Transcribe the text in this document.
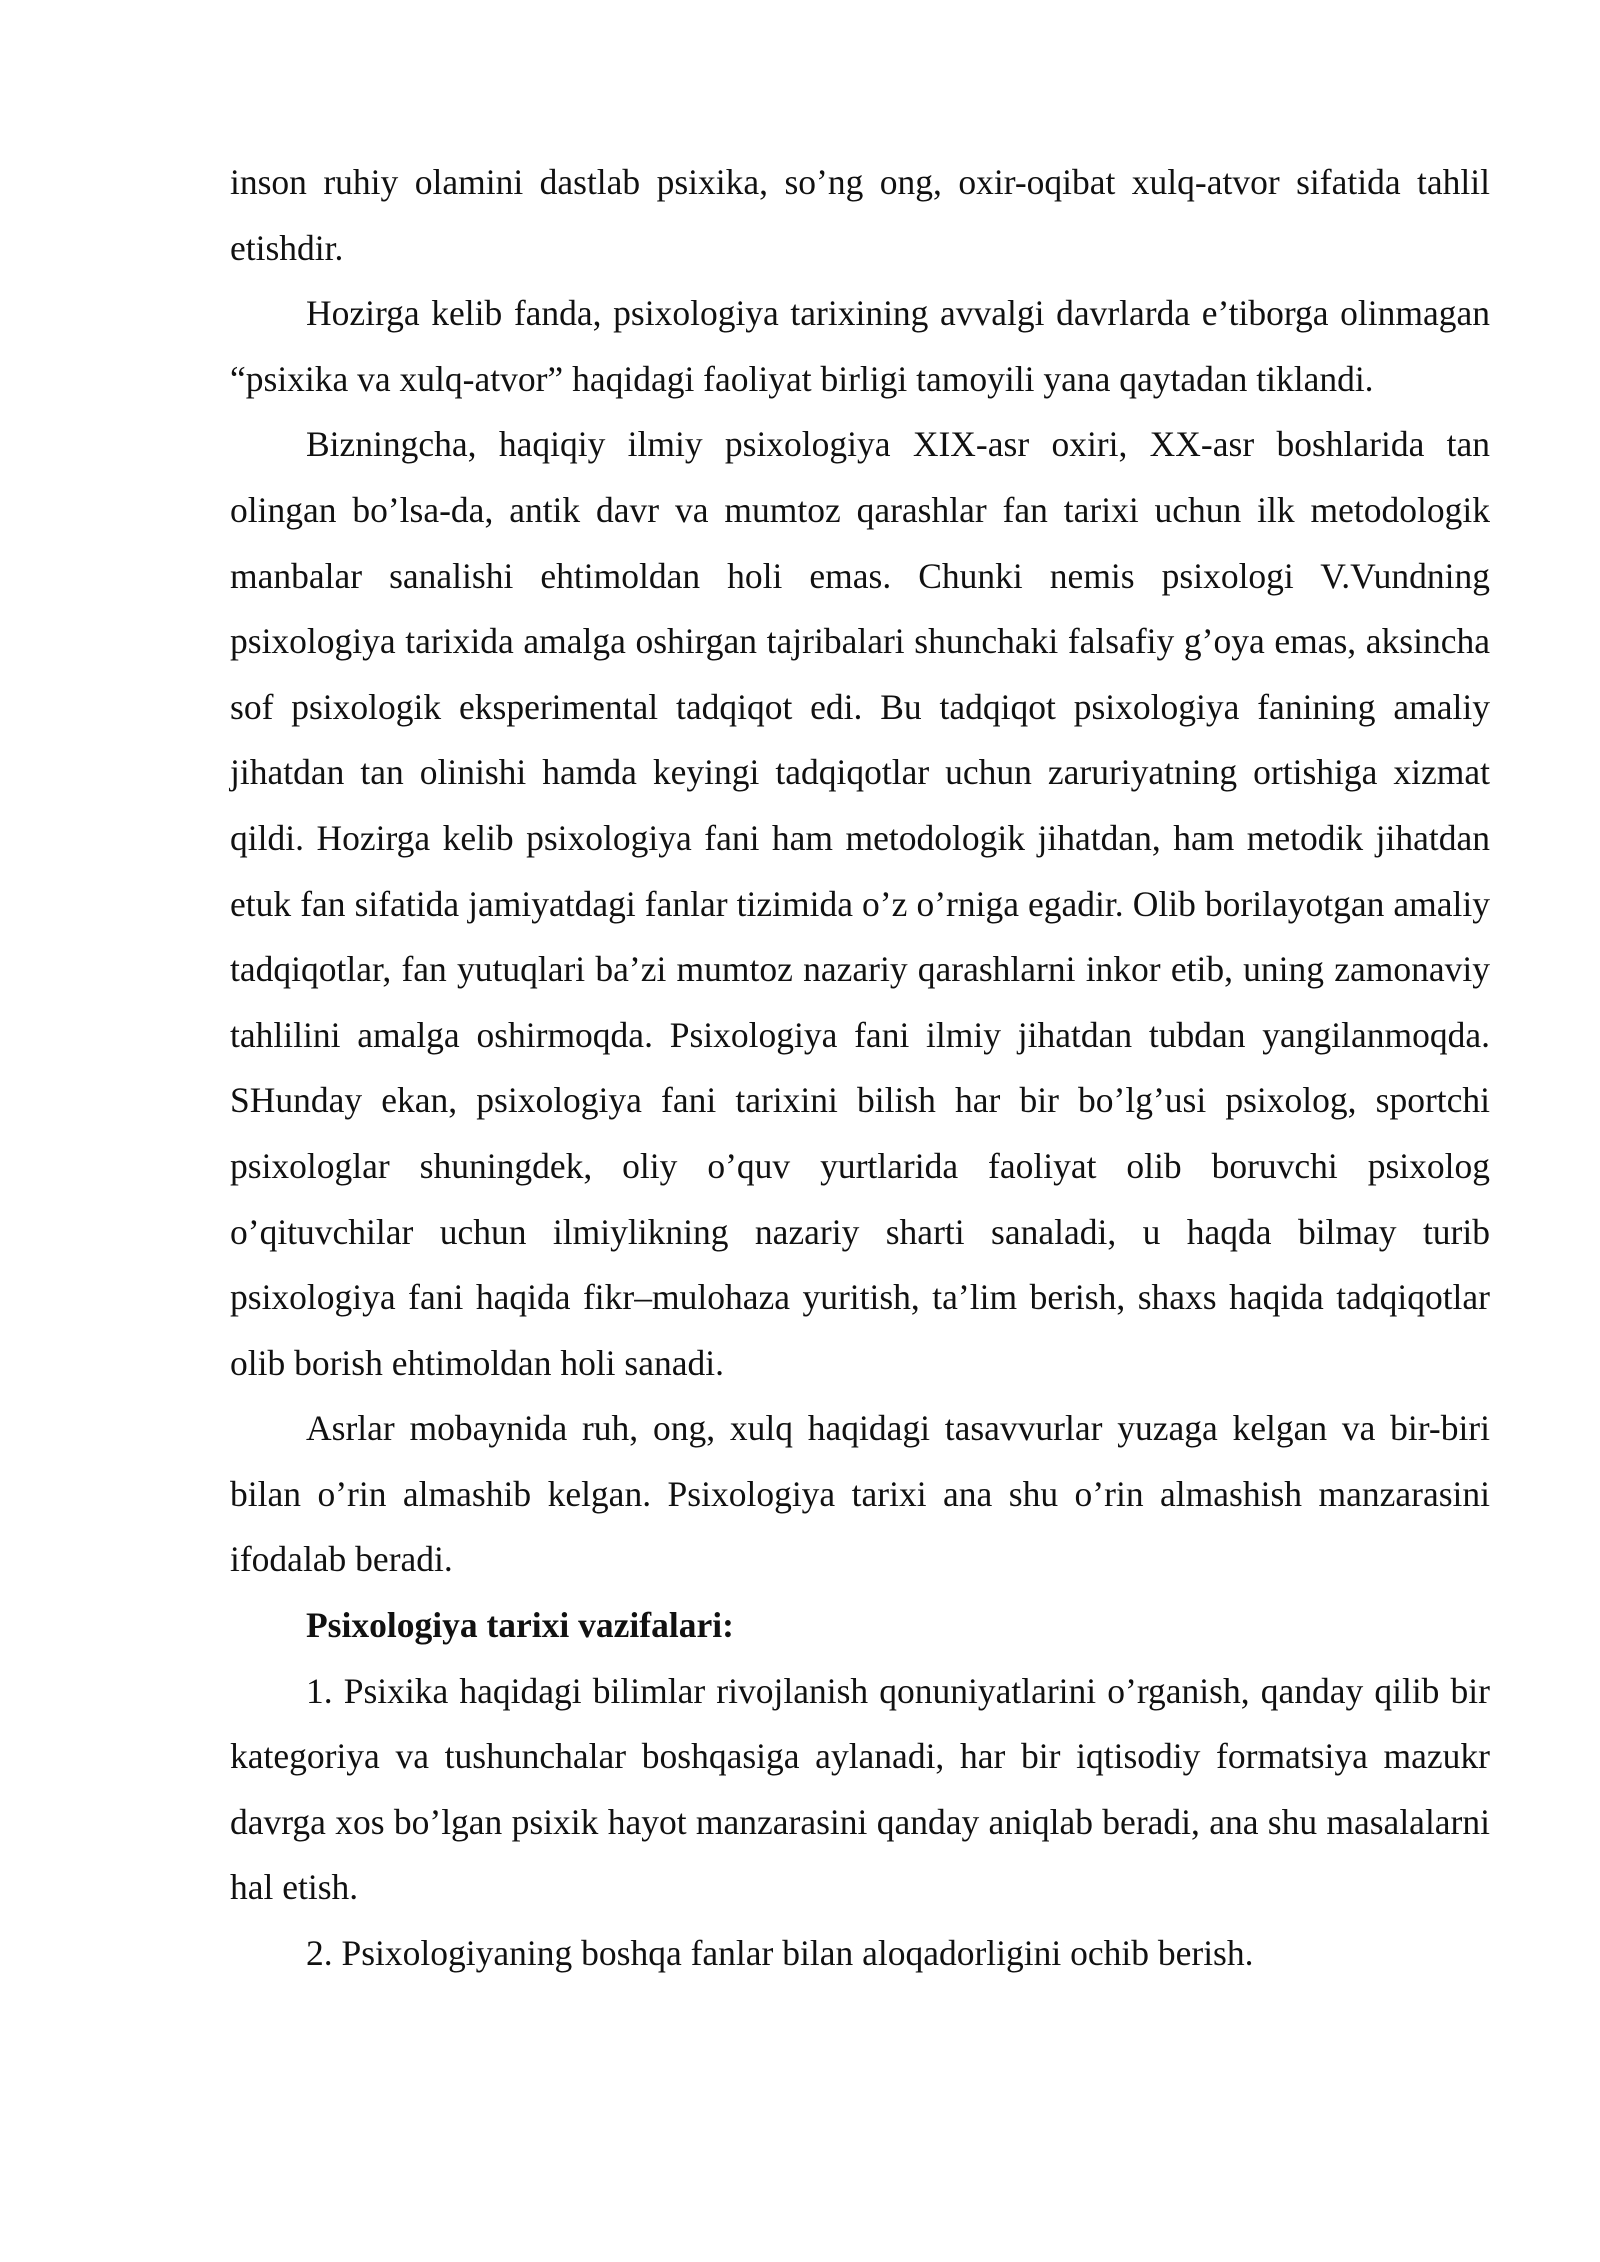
inson ruhiy olamini dastlab psixika, so’ng ong, oxir-oqibat xulq-atvor sifatida tahlil etishdir.

Hozirga kelib fanda, psixologiya tarixining avvalgi davrlarda e’tiborga olinmagan “psixika va xulq-atvor” haqidagi faoliyat birligi tamoyili yana qaytadan tiklandi.

Bizningcha, haqiqiy ilmiy psixologiya XIX-asr oxiri, XX-asr boshlarida tan olingan bo’lsa-da, antik davr va mumtoz qarashlar fan tarixi uchun ilk metodologik manbalar sanalishi ehtimoldan holi emas. Chunki nemis psixologi V.Vundning psixologiya tarixida amalga oshirgan tajribalari shunchaki falsafiy g’oya emas, aksincha sof psixologik eksperimental tadqiqot edi. Bu tadqiqot psixologiya fanining amaliy jihatdan tan olinishi hamda keyingi tadqiqotlar uchun zaruriyatning ortishiga xizmat qildi. Hozirga kelib psixologiya fani ham metodologik jihatdan, ham metodik jihatdan etuk fan sifatida jamiyatdagi fanlar tizimida o’z o’rniga egadir. Olib borilayotgan amaliy tadqiqotlar, fan yutuqlari ba’zi mumtoz nazariy qarashlarni inkor etib, uning zamonaviy tahlilini amalga oshirmoqda. Psixologiya fani ilmiy jihatdan tubdan yangilanmoqda. SHunday ekan, psixologiya fani tarixini bilish har bir bo’lg’usi psixolog, sportchi psixologlar shuningdek, oliy o’quv yurtlarida faoliyat olib boruvchi psixolog o’qituvchilar uchun ilmiylikning nazariy sharti sanaladi, u haqda bilmay turib psixologiya fani haqida fikr–mulohaza yuritish, ta’lim berish, shaxs haqida tadqiqotlar olib borish ehtimoldan holi sanadi.

Asrlar mobaynida ruh, ong, xulq haqidagi tasavvurlar yuzaga kelgan va bir-biri bilan o’rin almashib kelgan. Psixologiya tarixi ana shu o’rin almashish manzarasini ifodalab beradi.

Psixologiya tarixi vazifalari:

1. Psixika haqidagi bilimlar rivojlanish qonuniyatlarini o’rganish, qanday qilib bir kategoriya va tushunchalar boshqasiga aylanadi, har bir iqtisodiy formatsiya mazukr davrga xos bo’lgan psixik hayot manzarasini qanday aniqlab beradi, ana shu masalalarni hal etish.

2. Psixologiyaning boshqa fanlar bilan aloqadorligini ochib berish.
